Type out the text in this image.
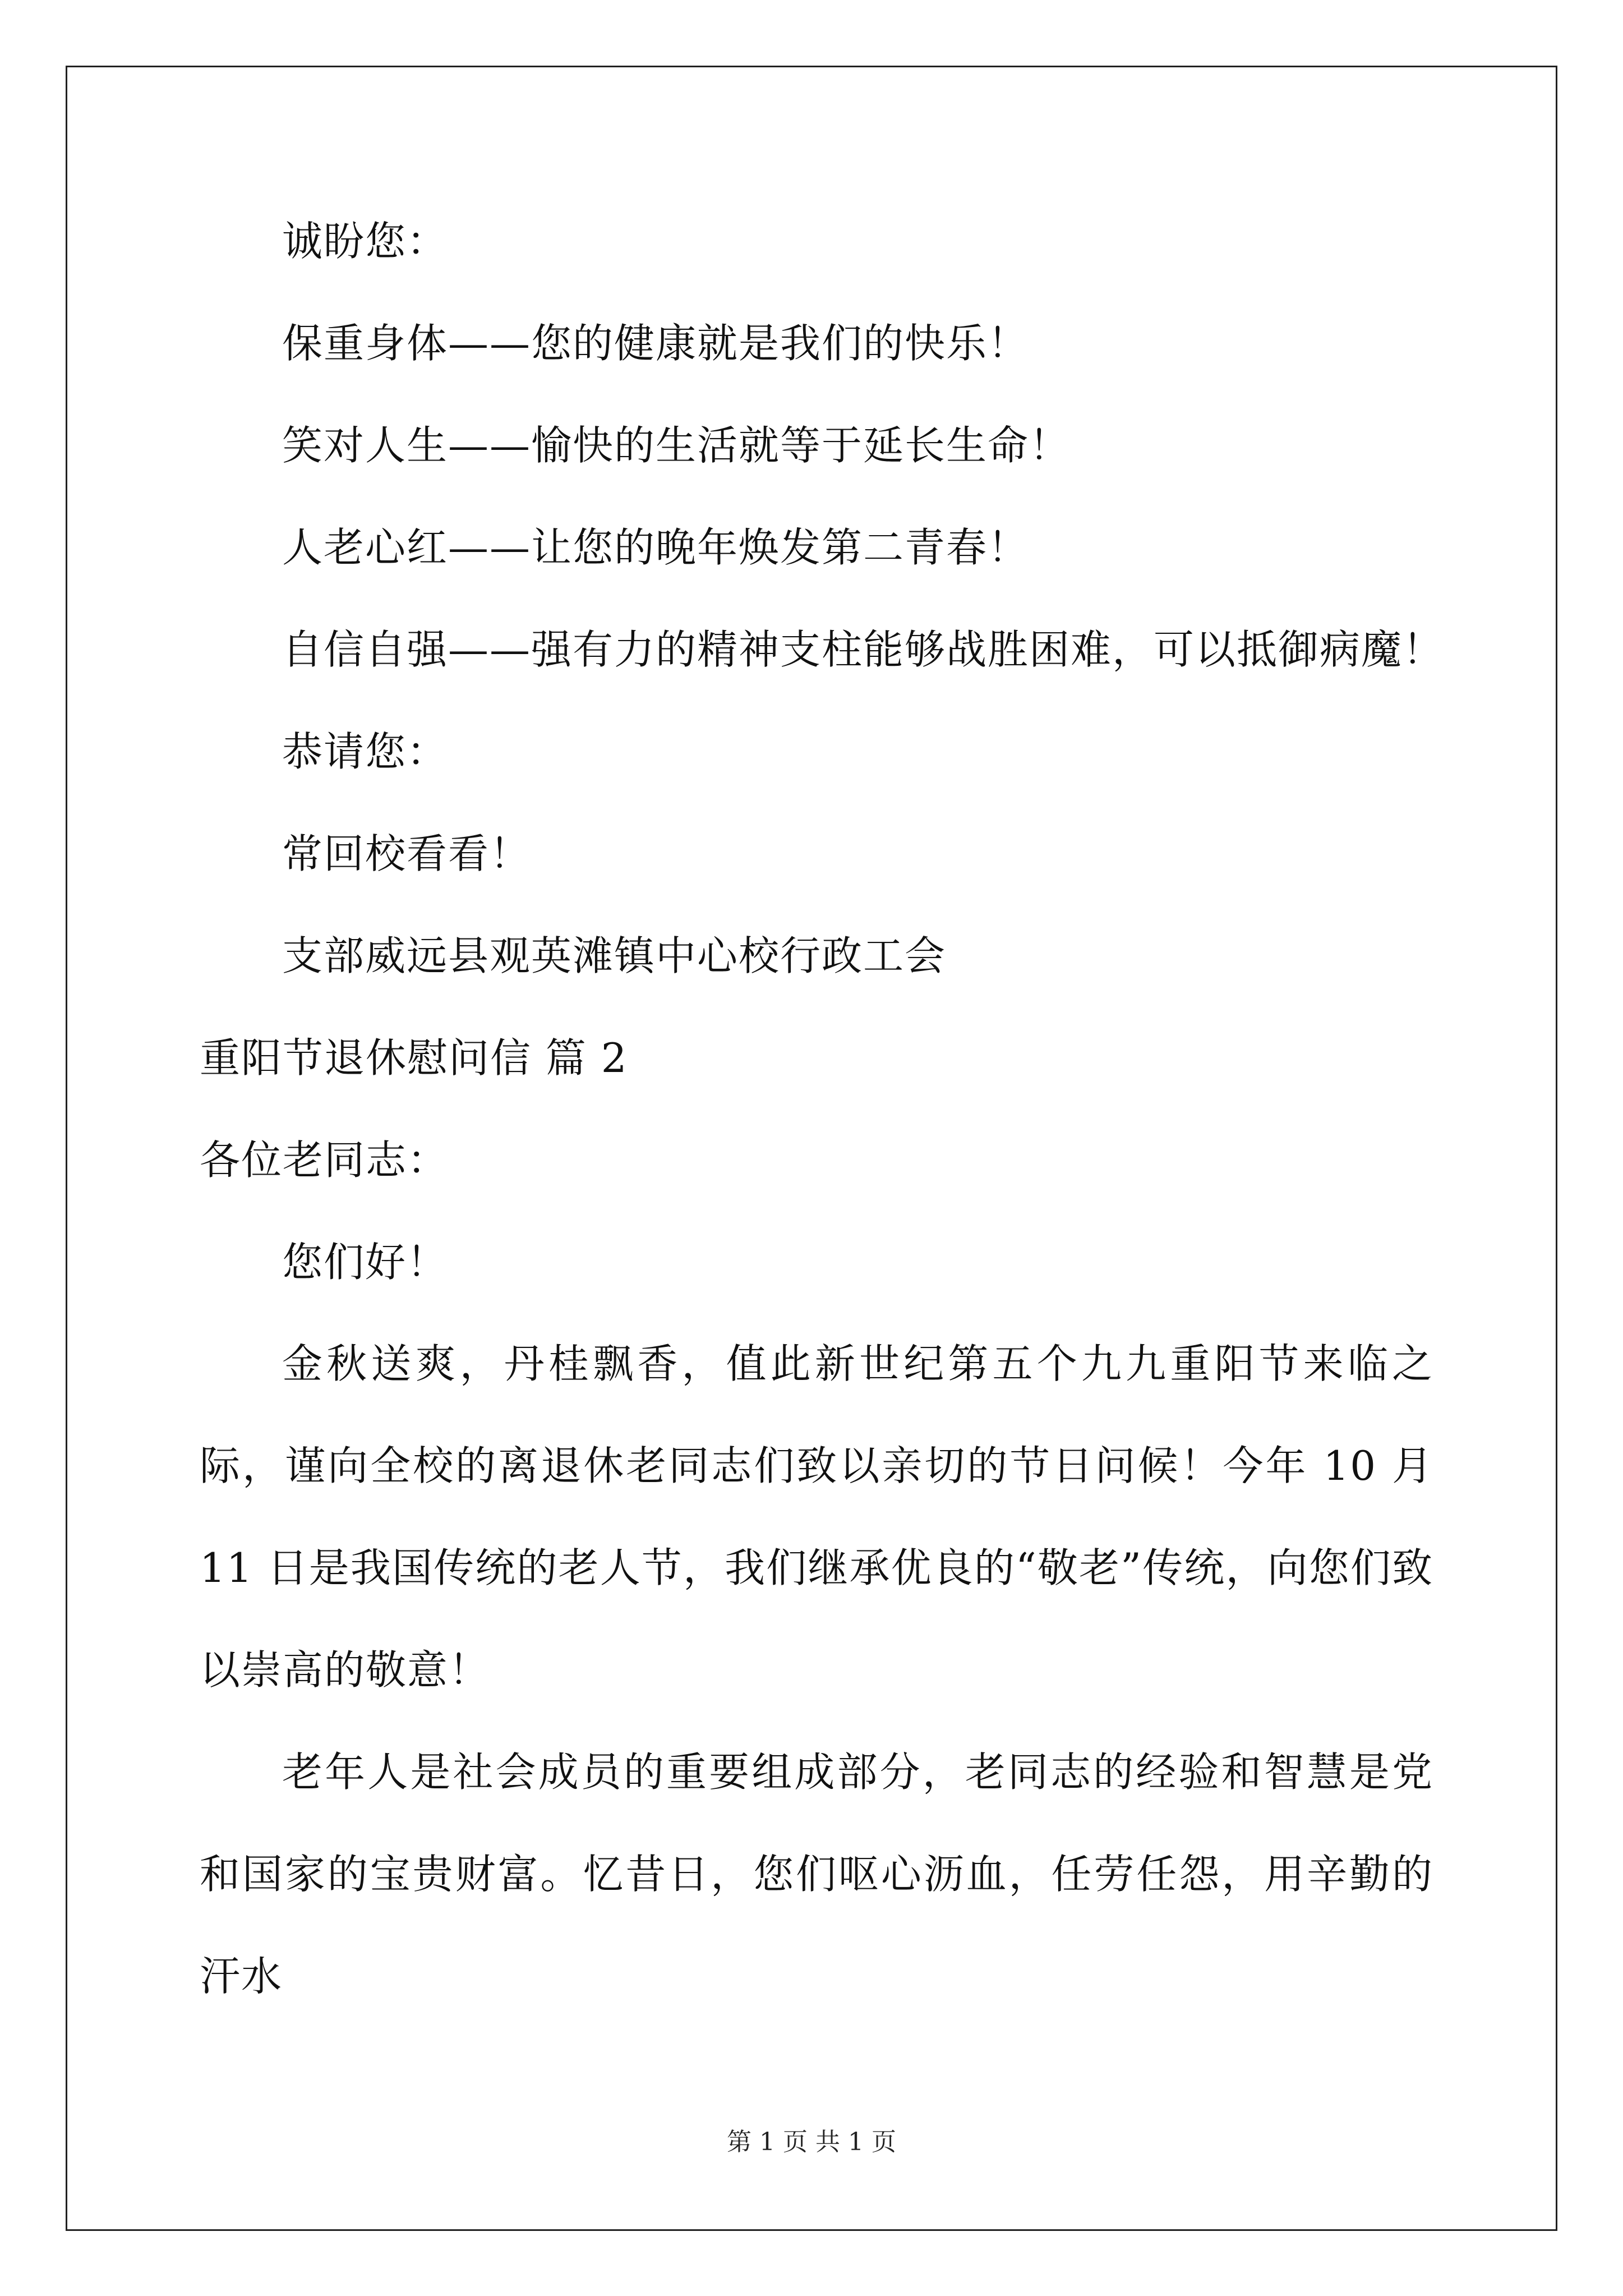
诚盼您：
保重身体——您的健康就是我们的快乐！
笑对人生——愉快的生活就等于延长生命！
人老心红——让您的晚年焕发第二青春！
自信自强——强有力的精神支柱能够战胜困难，可以抵御病魔！
恭请您：
常回校看看！
支部威远县观英滩镇中心校行政工会
重阳节退休慰问信 篇 2
各位老同志：
您们好！
金秋送爽，丹桂飘香，值此新世纪第五个九九重阳节来临之际，谨向全校的离退休老同志们致以亲切的节日问候！今年 10 月 11 日是我国传统的老人节，我们继承优良的“敬老”传统，向您们致以崇高的敬意！
老年人是社会成员的重要组成部分，老同志的经验和智慧是党和国家的宝贵财富。忆昔日，您们呕心沥血，任劳任怨，用辛勤的汗水
第 1 页 共 1 页
